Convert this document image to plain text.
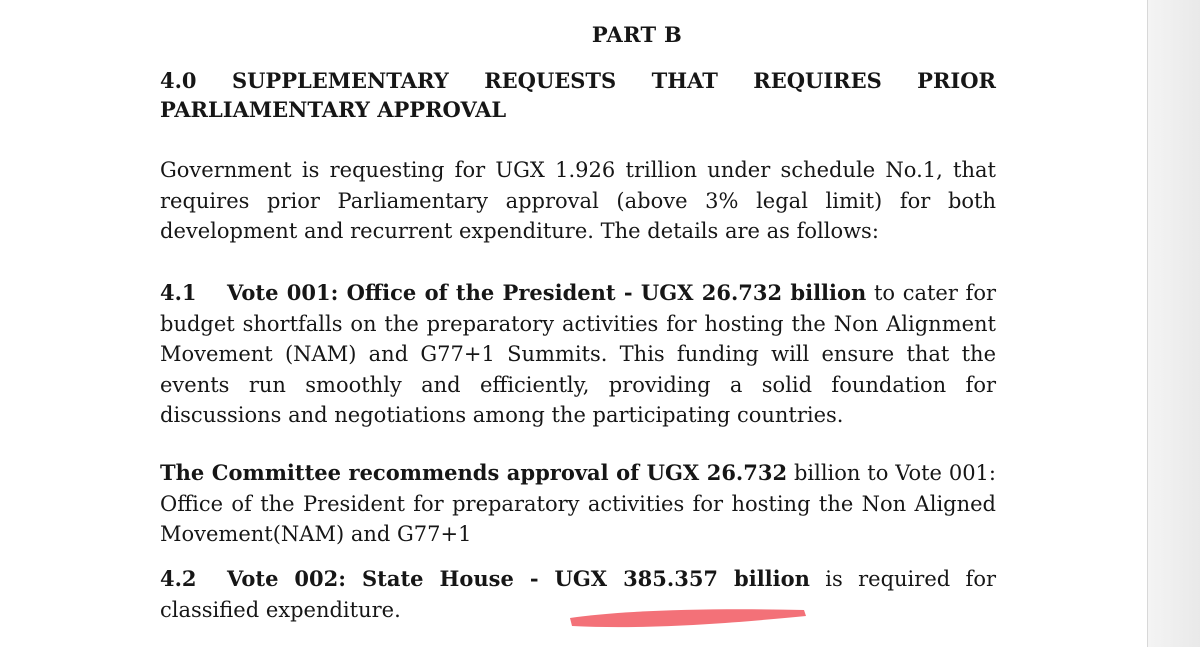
PART B
4.0 SUPPLEMENTARY REQUESTS THAT REQUIRES PRIOR
PARLIAMENTARY APPROVAL

Government is requesting for UGX 1.926 trillion under schedule No.1, that requires prior Parliamentary approval (above 3% legal limit) for both development and recurrent expenditure. The details are as follows:

4.1 Vote 001: Office of the President - UGX 26.732 billion to cater for budget shortfalls on the preparatory activities for hosting the Non Alignment Movement (NAM) and G77+1 Summits. This funding will ensure that the events run smoothly and efficiently, providing a solid foundation for discussions and negotiations among the participating countries.

The Committee recommends approval of UGX 26.732 billion to Vote 001: Office of the President for preparatory activities for hosting the Non Aligned Movement(NAM) and G77+1

4.2 Vote 002: State House - UGX 385.357 billion is required for classified expenditure.
